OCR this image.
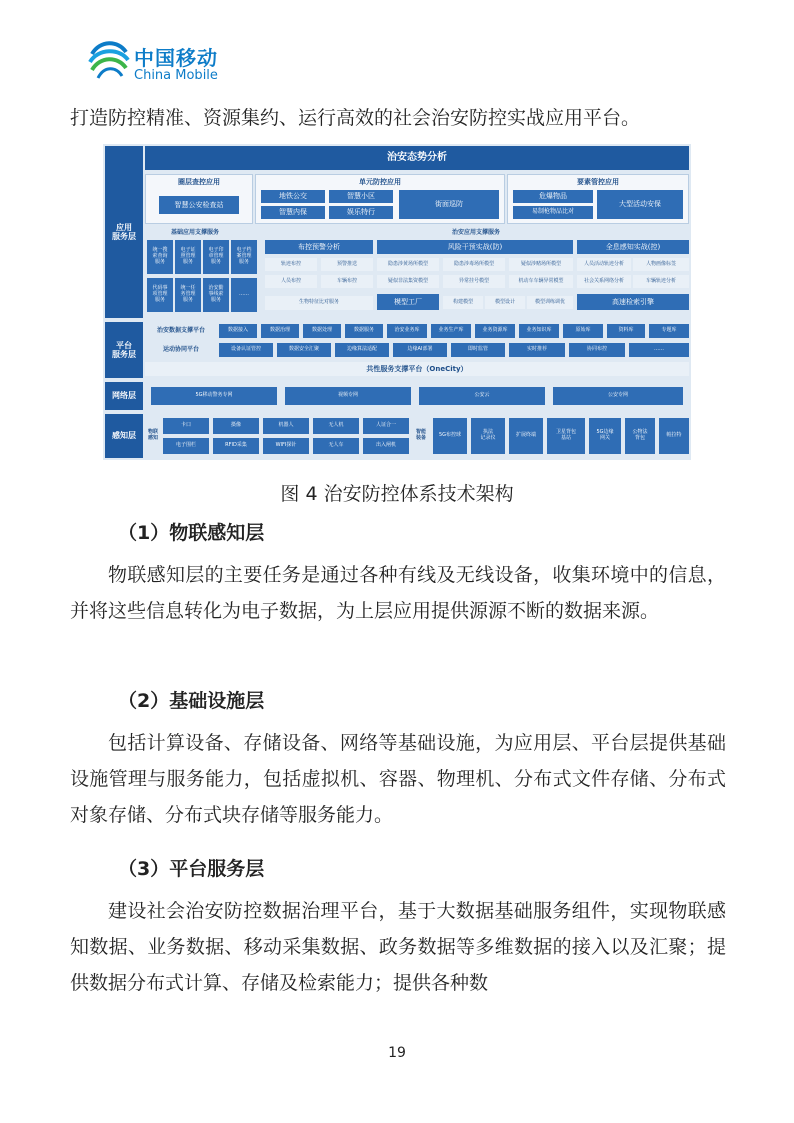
中国移动
China Mobile
打造防控精准、资源集约、运行高效的社会治安防控实战应用平台。
应用
服务层
平台
服务层
网络层
感知层
治安态势分析
圈层查控应用
智慧公安检查站
单元防控应用
地铁公交	智慧小区
智慧内保	娱乐特行
街面巡防
要素管控应用
危爆物品
易制枪物品比对
大型活动安保
基础应用支撑服务
统一搜
索查询
服务
电子证
照管理
服务
电子印
章管理
服务
电子档
案管理
服务
代码事
项管理
服务
统一任
务管理
服务
治安勤
事线索
服务
……
治安应用支撑服务
布控预警分析
轨迹布控	预警推送
人员布控	车辆布控
生物特征比对服务
风险干预实战(防)
隐患涉黄场所模型	隐患涉毒场所模型	疑似涉赌场所模型
疑似非法集资模型	异常挂号模型	机动车车辆异常模型
模型工厂	构建模型	模型设计	模型训练调优
全息感知实战(控)
人员活动轨迹分析	人物画像标签
社会关系网络分析	车辆轨迹分析
高速检索引擎
治安数据支撑平台	数据接入	数据治理	数据处理	数据服务	治安业务库	业务生产库	业务资源库	业务知识库	原始库	资料库	专题库
运动协同平台	设备认证管控	数据安全汇聚	边缘算法适配	边缘AI部署	即时监管	实时推荐	协同布控	……
共性服务支撑平台（OneCity）
5G移动警务专网	视频专网	公安云	公安专网
物联
感知
卡口	摄像	机器人	无人机	人证合一
电子围栏	RFID采集	WIFI探针	无人车	出入闸机
智能
装备	5G布控球	执法
记录仪	扩展终端	卫星背包
基站
5G边缘
网关
公物法
背包	帕拉特
图 4 治安防控体系技术架构
（1）物联感知层
物联感知层的主要任务是通过各种有线及无线设备，收集环境中的信息，并将这些信息转化为电子数据，为上层应用提供源源不断的数据来源。
（2）基础设施层
包括计算设备、存储设备、网络等基础设施，为应用层、平台层提供基础设施管理与服务能力，包括虚拟机、容器、物理机、分布式文件存储、分布式对象存储、分布式块存储等服务能力。
（3）平台服务层
建设社会治安防控数据治理平台，基于大数据基础服务组件，实现物联感知数据、业务数据、移动采集数据、政务数据等多维数据的接入以及汇聚；提供数据分布式计算、存储及检索能力；提供各种数
19
